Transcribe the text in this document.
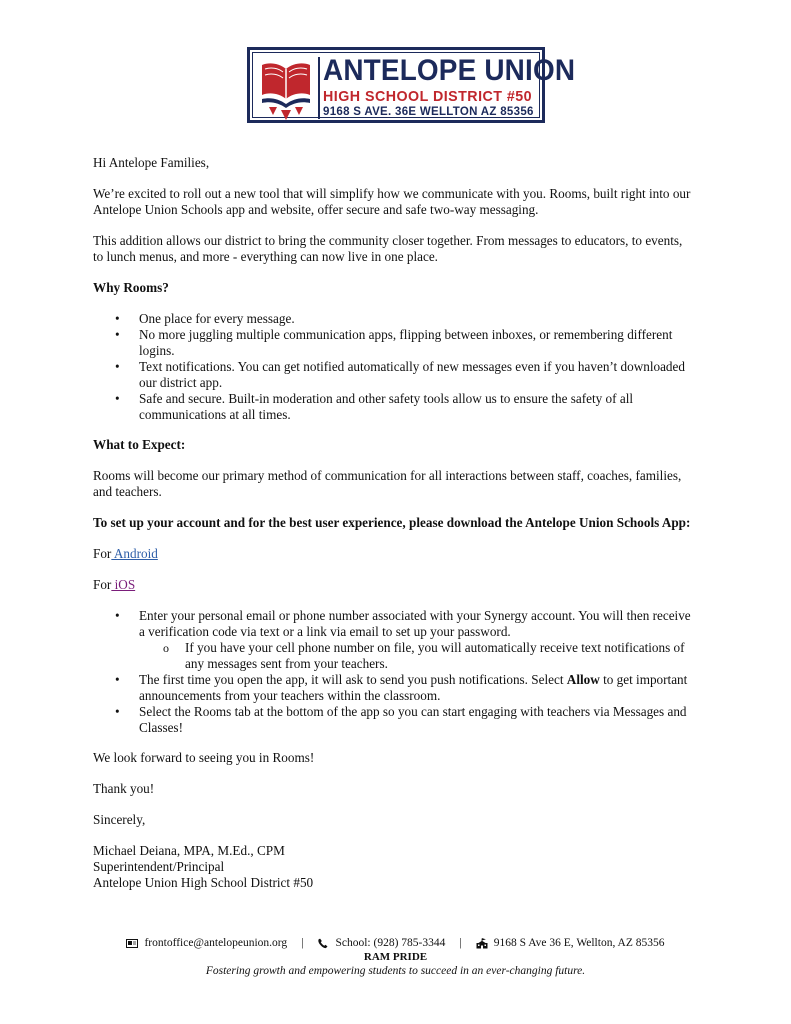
ANTELOPE UNION
HIGH SCHOOL DISTRICT #50
9168 S AVE. 36E WELLTON AZ 85356

Hi Antelope Families,

We’re excited to roll out a new tool that will simplify how we communicate with you. Rooms, built right into our Antelope Union Schools app and website, offer secure and safe two-way messaging.

This addition allows our district to bring the community closer together. From messages to educators, to events, to lunch menus, and more - everything can now live in one place.

Why Rooms?

• One place for every message.
• No more juggling multiple communication apps, flipping between inboxes, or remembering different logins.
• Text notifications. You can get notified automatically of new messages even if you haven’t downloaded our district app.
• Safe and secure. Built-in moderation and other safety tools allow us to ensure the safety of all communications at all times.

What to Expect:

Rooms will become our primary method of communication for all interactions between staff, coaches, families, and teachers.

To set up your account and for the best user experience, please download the Antelope Union Schools App:

For Android

For iOS

• Enter your personal email or phone number associated with your Synergy account. You will then receive a verification code via text or a link via email to set up your password.
o If you have your cell phone number on file, you will automatically receive text notifications of any messages sent from your teachers.
• The first time you open the app, it will ask to send you push notifications. Select Allow to get important announcements from your teachers within the classroom.
• Select the Rooms tab at the bottom of the app so you can start engaging with teachers via Messages and Classes!

We look forward to seeing you in Rooms!

Thank you!

Sincerely,

Michael Deiana, MPA, M.Ed., CPM

Superintendent/Principal

Antelope Union High School District #50

frontoffice@antelopeunion.org |	School: (928) 785-3344 |	9168 S Ave 36 E, Wellton, AZ 85356
RAM PRIDE
Fostering growth and empowering students to succeed in an ever-changing future.
